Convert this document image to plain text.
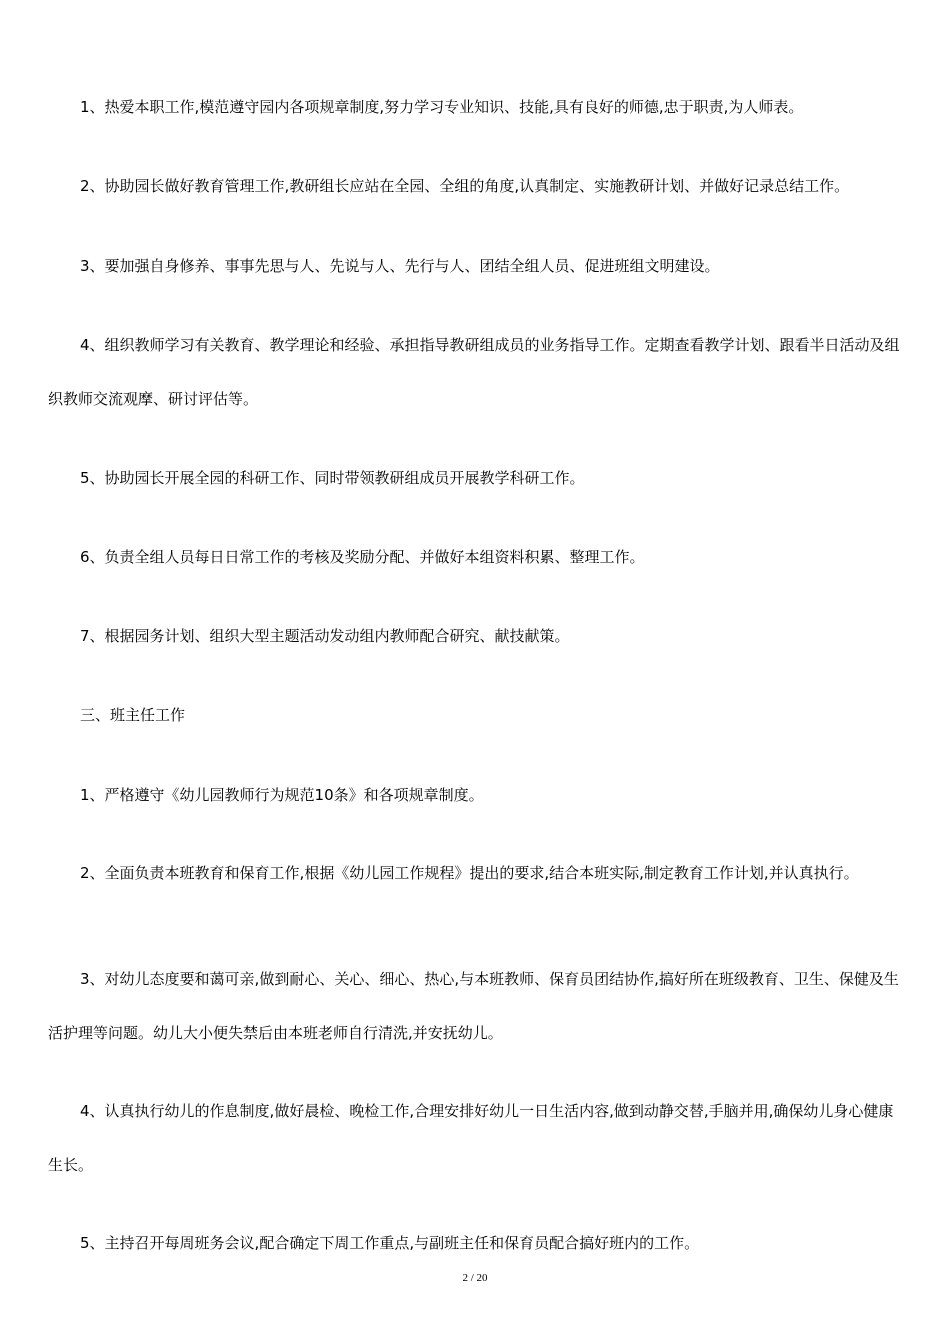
1、热爱本职工作,模范遵守园内各项规章制度,努力学习专业知识、技能,具有良好的师德,忠于职责,为人师表。

2、协助园长做好教育管理工作,教研组长应站在全园、全组的角度,认真制定、实施教研计划、并做好记录总结工作。

3、要加强自身修养、事事先思与人、先说与人、先行与人、团结全组人员、促进班组文明建设。

4、组织教师学习有关教育、教学理论和经验、承担指导教研组成员的业务指导工作。定期查看教学计划、跟看半日活动及组织教师交流观摩、研讨评估等。

5、协助园长开展全园的科研工作、同时带领教研组成员开展教学科研工作。

6、负责全组人员每日日常工作的考核及奖励分配、并做好本组资料积累、整理工作。

7、根据园务计划、组织大型主题活动发动组内教师配合研究、献技献策。

三、班主任工作

1、严格遵守《幼儿园教师行为规范10条》和各项规章制度。

2、全面负责本班教育和保育工作,根据《幼儿园工作规程》提出的要求,结合本班实际,制定教育工作计划,并认真执行。

3、对幼儿态度要和蔼可亲,做到耐心、关心、细心、热心,与本班教师、保育员团结协作,搞好所在班级教育、卫生、保健及生活护理等问题。幼儿大小便失禁后由本班老师自行清洗,并安抚幼儿。

4、认真执行幼儿的作息制度,做好晨检、晚检工作,合理安排好幼儿一日生活内容,做到动静交替,手脑并用,确保幼儿身心健康生长。

5、主持召开每周班务会议,配合确定下周工作重点,与副班主任和保育员配合搞好班内的工作。

2 / 20
